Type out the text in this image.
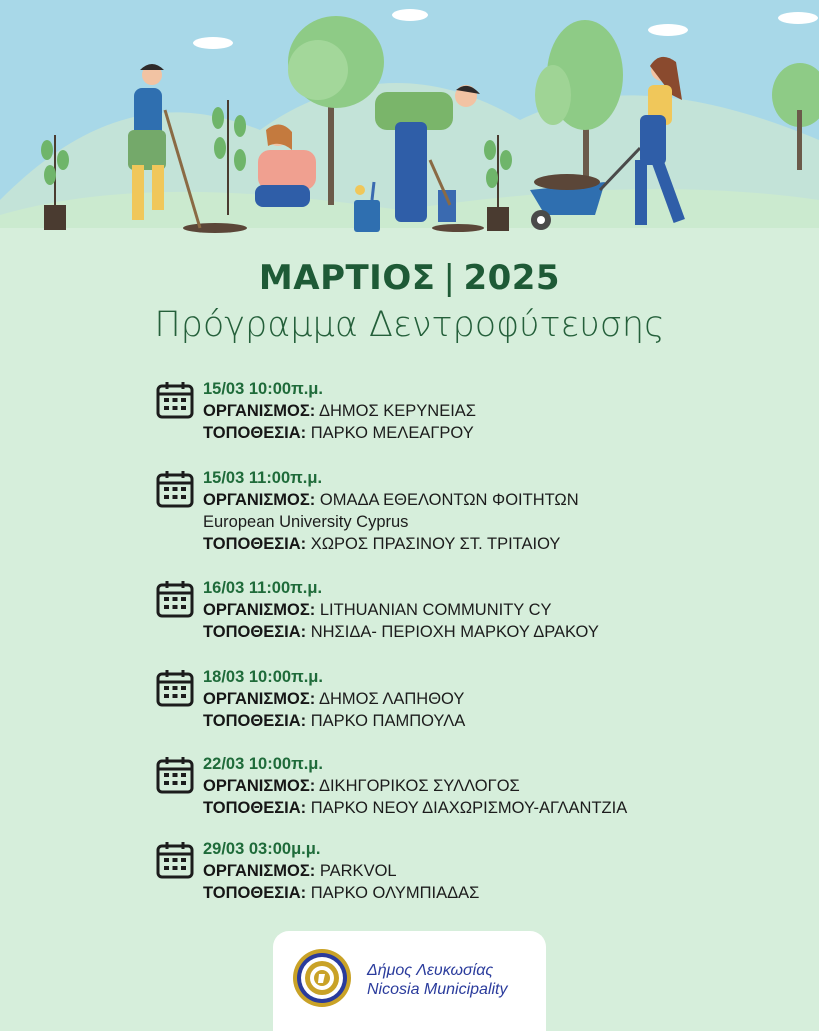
ΜΑΡΤΙΟΣ | 2025
Πρόγραμμα Δεντροφύτευσης
15/03 10:00π.μ.
ΟΡΓΑΝΙΣΜΟΣ: ΔΗΜΟΣ ΚΕΡΥΝΕΙΑΣ
ΤΟΠΟΘΕΣΙΑ: ΠΑΡΚΟ ΜΕΛΕΑΓΡΟΥ
15/03 11:00π.μ.
ΟΡΓΑΝΙΣΜΟΣ: ΟΜΑΔΑ ΕΘΕΛΟΝΤΩΝ ΦΟΙΤΗΤΩΝ
European University Cyprus
ΤΟΠΟΘΕΣΙΑ: ΧΩΡΟΣ ΠΡΑΣΙΝΟΥ ΣΤ. ΤΡΙΤΑΙΟΥ
16/03 11:00π.μ.
ΟΡΓΑΝΙΣΜΟΣ: LITHUANIAN COMMUNITY CY
ΤΟΠΟΘΕΣΙΑ: ΝΗΣΙΔΑ- ΠΕΡΙΟΧΗ ΜΑΡΚΟΥ ΔΡΑΚΟΥ
18/03 10:00π.μ.
ΟΡΓΑΝΙΣΜΟΣ: ΔΗΜΟΣ ΛΑΠΗΘΟΥ
ΤΟΠΟΘΕΣΙΑ: ΠΑΡΚΟ ΠΑΜΠΟΥΛΑ
22/03 10:00π.μ.
ΟΡΓΑΝΙΣΜΟΣ: ΔΙΚΗΓΟΡΙΚΟΣ ΣΥΛΛΟΓΟΣ
ΤΟΠΟΘΕΣΙΑ: ΠΑΡΚΟ ΝΕΟΥ ΔΙΑΧΩΡΙΣΜΟΥ-ΑΓΛΑΝΤΖΙΑ
29/03 03:00μ.μ.
ΟΡΓΑΝΙΣΜΟΣ: PARKVOL
ΤΟΠΟΘΕΣΙΑ: ΠΑΡΚΟ ΟΛΥΜΠΙΑΔΑΣ
Δήμος Λευκωσίας
Nicosia Municipality
